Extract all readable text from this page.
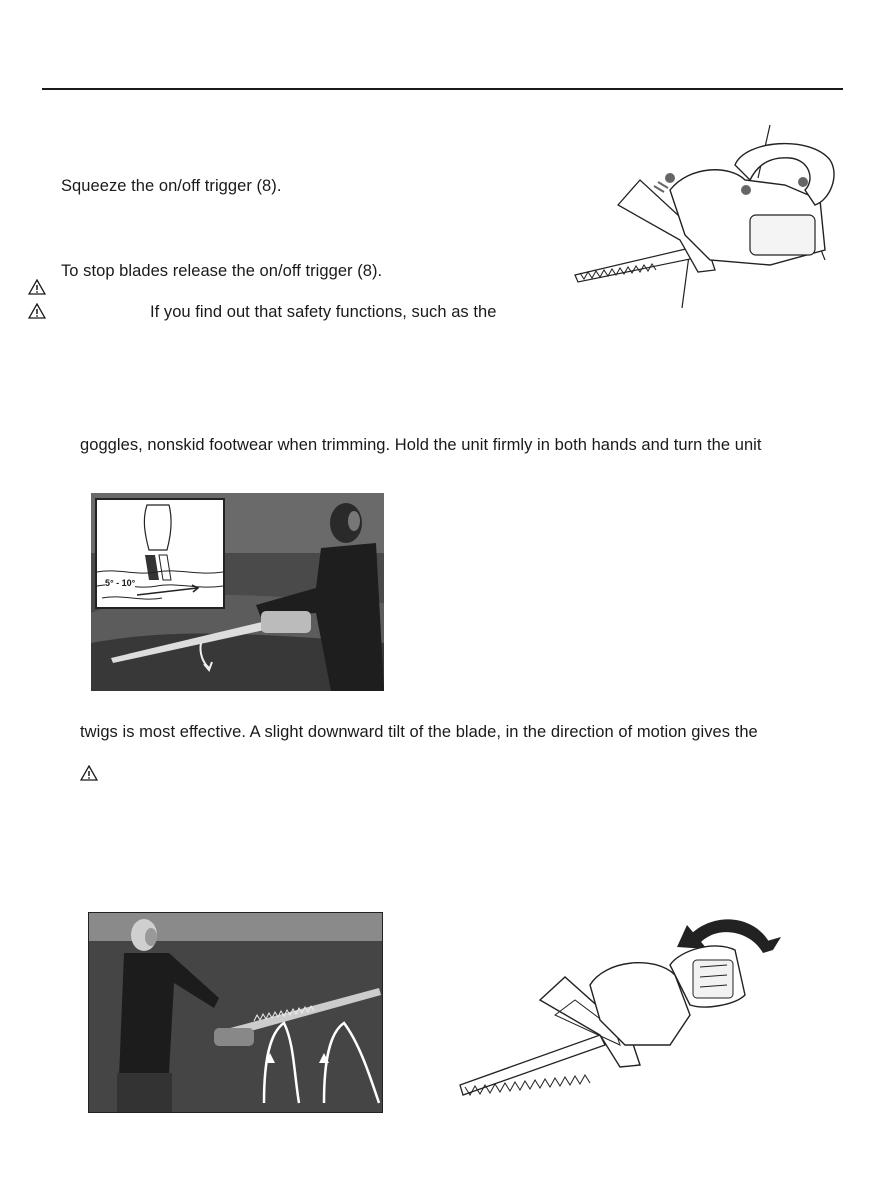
Squeeze the on/off trigger (8).
To stop blades release the on/off trigger (8).
If you find out that safety functions, such as the
goggles, nonskid footwear when trimming. Hold the unit firmly in both hands and turn the unit
5° - 10°
twigs is most effective. A slight downward tilt of the blade, in the direction of motion gives the
